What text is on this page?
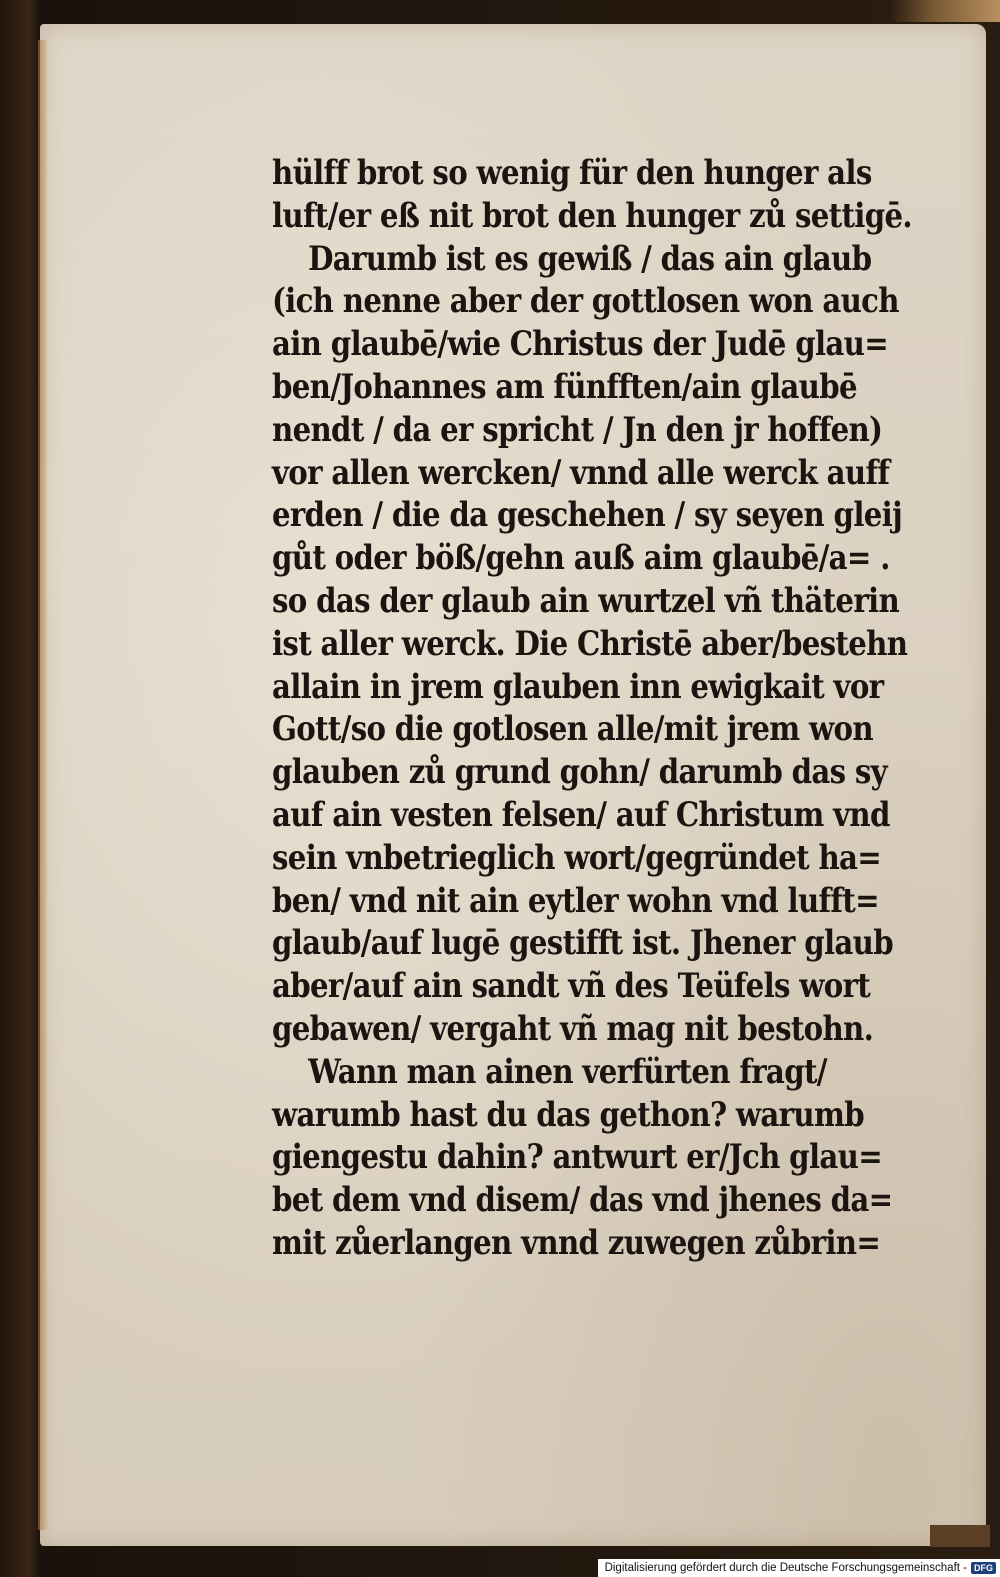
hülff brot so wenig für den hunger als
luft/er eß nit brot den hunger zů settigē.
Darumb ist es gewiß / das ain glaub
(ich nenne aber der gottlosen won auch
ain glaubē/wie Christus der Judē glau=
ben/Johannes am fünfften/ain glaubē
nendt / da er spricht / Jn den jr hoffen)
vor allen wercken/ vnnd alle werck auff
erden / die da geschehen / sy seyen gleij
gůt oder böß/gehn auß aim glaubē/a= .
so das der glaub ain wurtzel vñ thäterin
ist aller werck. Die Christē aber/bestehn
allain in jrem glauben inn ewigkait vor
Gott/so die gotlosen alle/mit jrem won
glauben zů grund gohn/ darumb das sy
auf ain vesten felsen/ auf Christum vnd
sein vnbetrieglich wort/gegründet ha=
ben/ vnd nit ain eytler wohn vnd lufft=
glaub/auf lugē gestifft ist. Jhener glaub
aber/auf ain sandt vñ des Teüfels wort
gebawen/ vergaht vñ mag nit bestohn.
Wann man ainen verfürten fragt/
warumb hast du das gethon? warumb
giengestu dahin? antwurt er/Jch glau=
bet dem vnd disem/ das vnd jhenes da=
mit zůerlangen vnnd zuwegen zůbrin=
Digitalisierung gefördert durch die Deutsche Forschungsgemeinschaft - DFG
